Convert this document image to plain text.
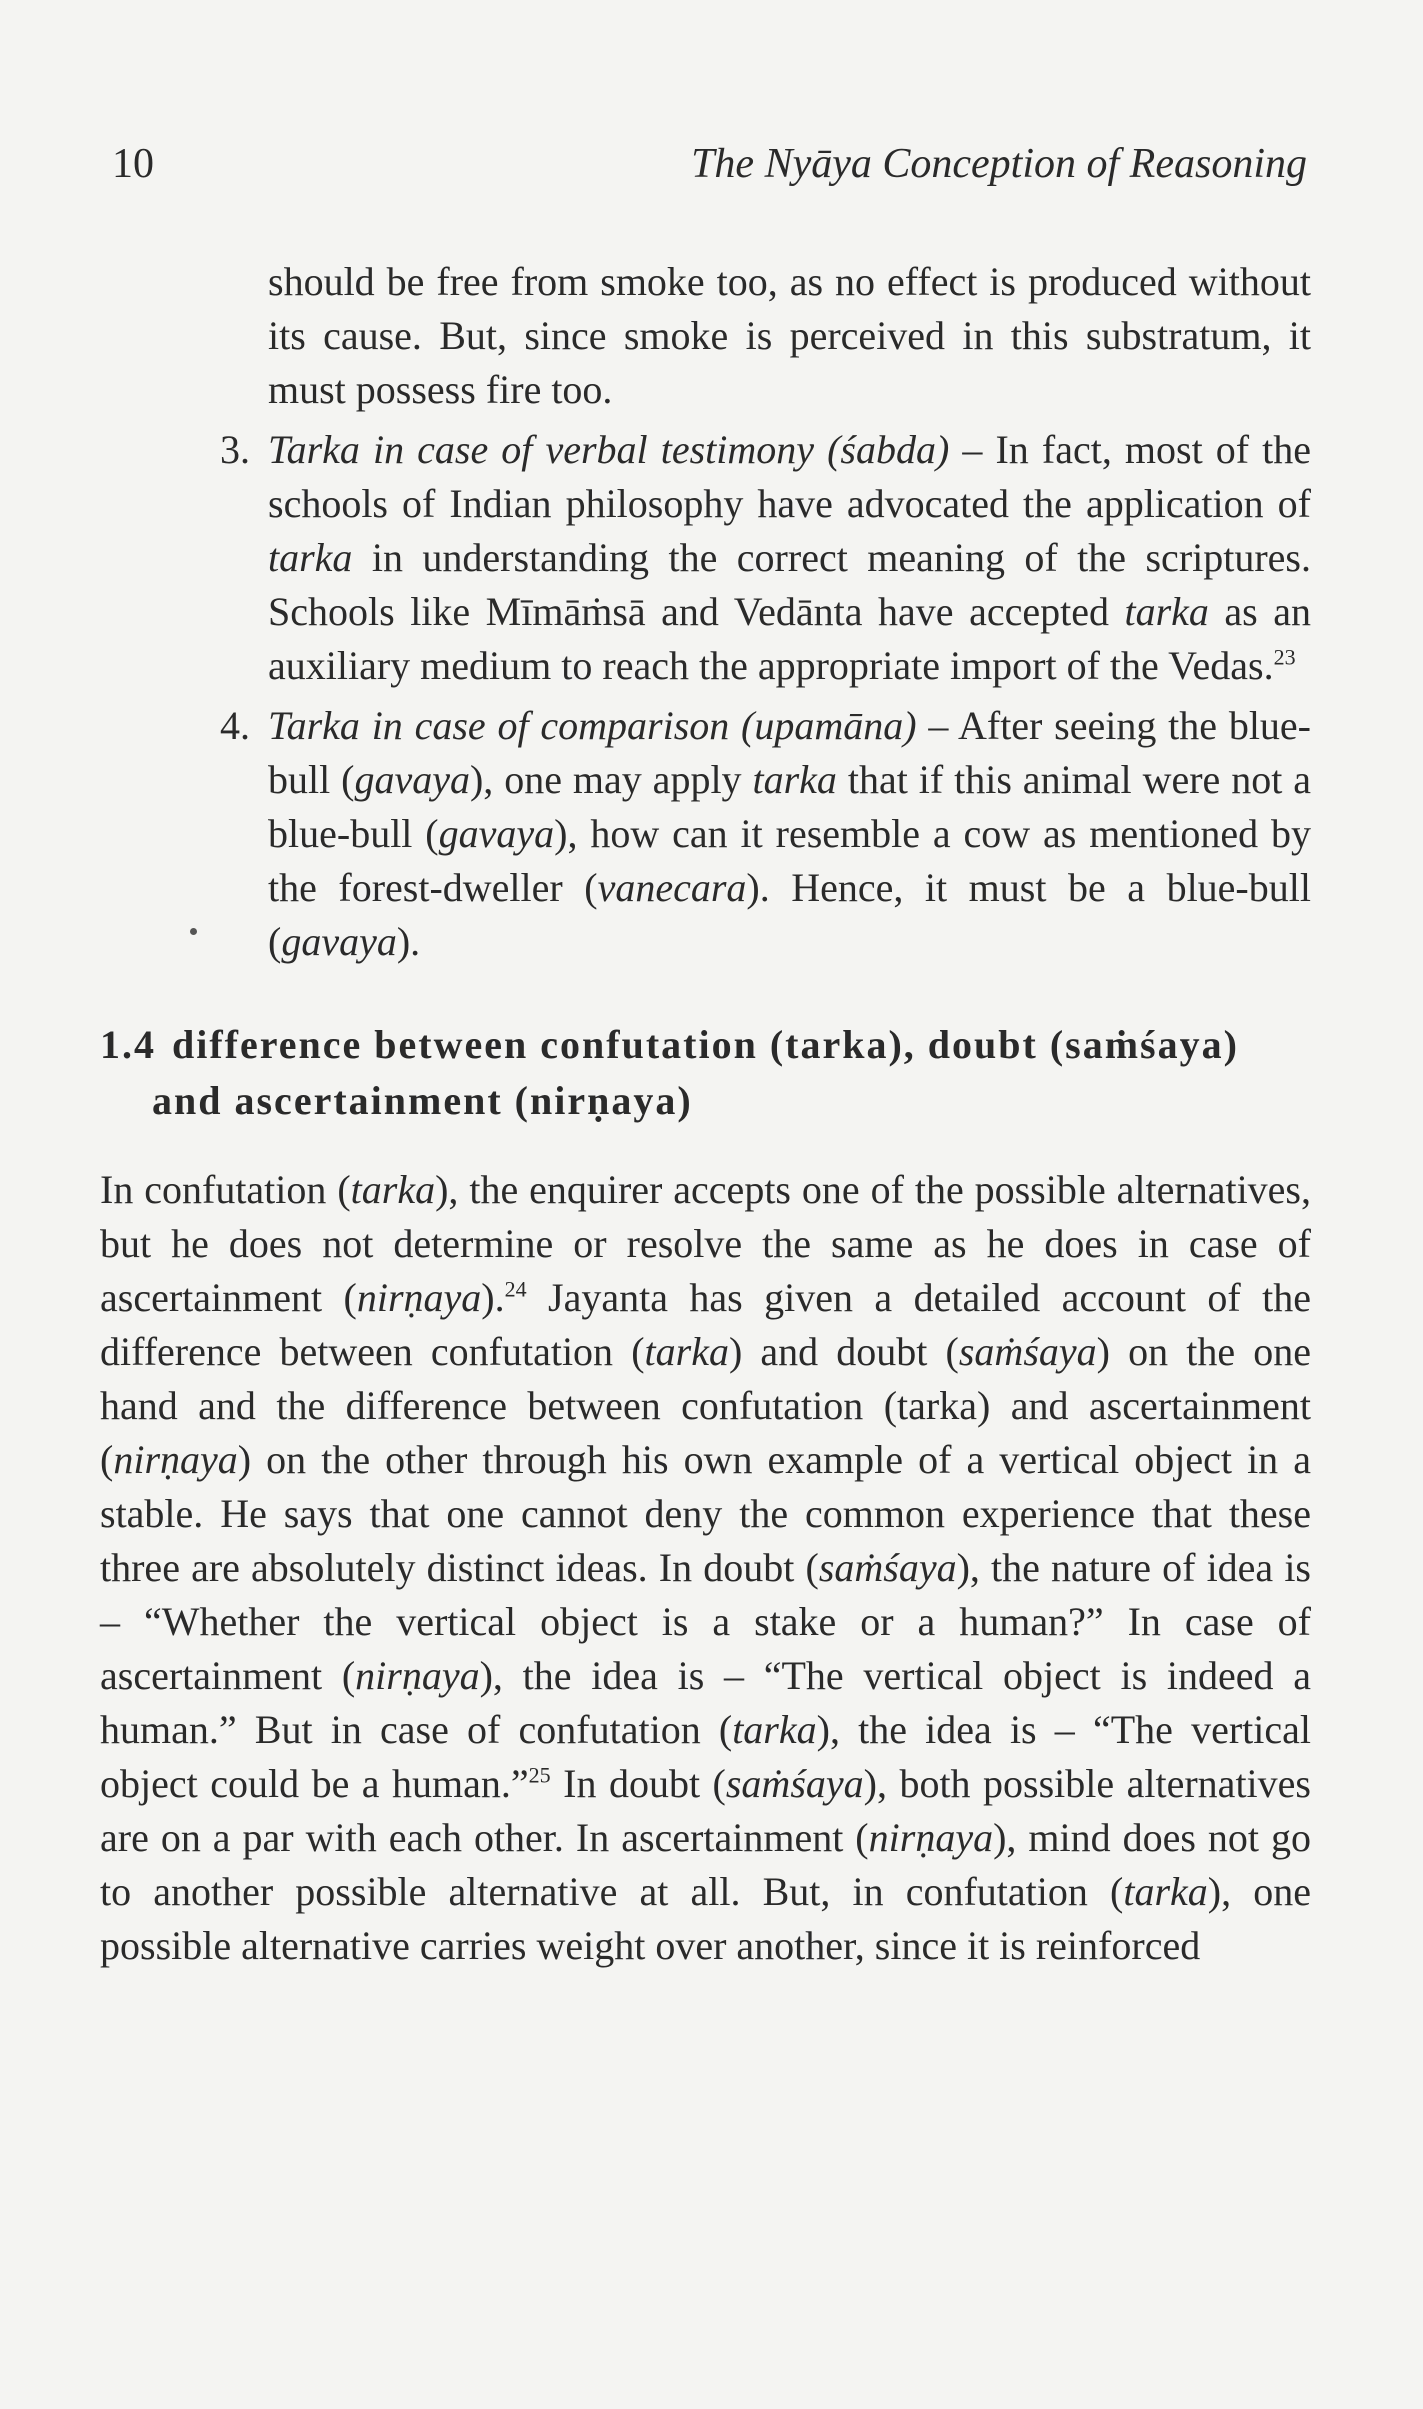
10	The Nyāya Conception of Reasoning
should be free from smoke too, as no effect is produced without its cause. But, since smoke is perceived in this substratum, it must possess fire too.
3. Tarka in case of verbal testimony (śabda) – In fact, most of the schools of Indian philosophy have advocated the application of tarka in understanding the correct meaning of the scriptures. Schools like Mīmāṁsā and Vedānta have accepted tarka as an auxiliary medium to reach the appropriate import of the Vedas.$^{23}$
4. Tarka in case of comparison (upamāna) – After seeing the blue-bull (gavaya), one may apply tarka that if this animal were not a blue-bull (gavaya), how can it resemble a cow as mentioned by the forest-dweller (vanecara). Hence, it must be a blue-bull (gavaya).
1.4 difference between confutation (tarka), doubt (saṁśaya) and ascertainment (nirṇaya)
In confutation (tarka), the enquirer accepts one of the possible alternatives, but he does not determine or resolve the same as he does in case of ascertainment (nirṇaya).$^{24}$ Jayanta has given a detailed account of the difference between confutation (tarka) and doubt (saṁśaya) on the one hand and the difference between confutation (tarka) and ascertainment (nirṇaya) on the other through his own example of a vertical object in a stable. He says that one cannot deny the common experience that these three are absolutely distinct ideas. In doubt (saṁśaya), the nature of idea is – “Whether the vertical object is a stake or a human?” In case of ascertainment (nirṇaya), the idea is – “The vertical object is indeed a human.” But in case of confutation (tarka), the idea is – “The vertical object could be a human.”$^{25}$ In doubt (saṁśaya), both possible alternatives are on a par with each other. In ascertainment (nirṇaya), mind does not go to another possible alternative at all. But, in confutation (tarka), one possible alternative carries weight over another, since it is reinforced
